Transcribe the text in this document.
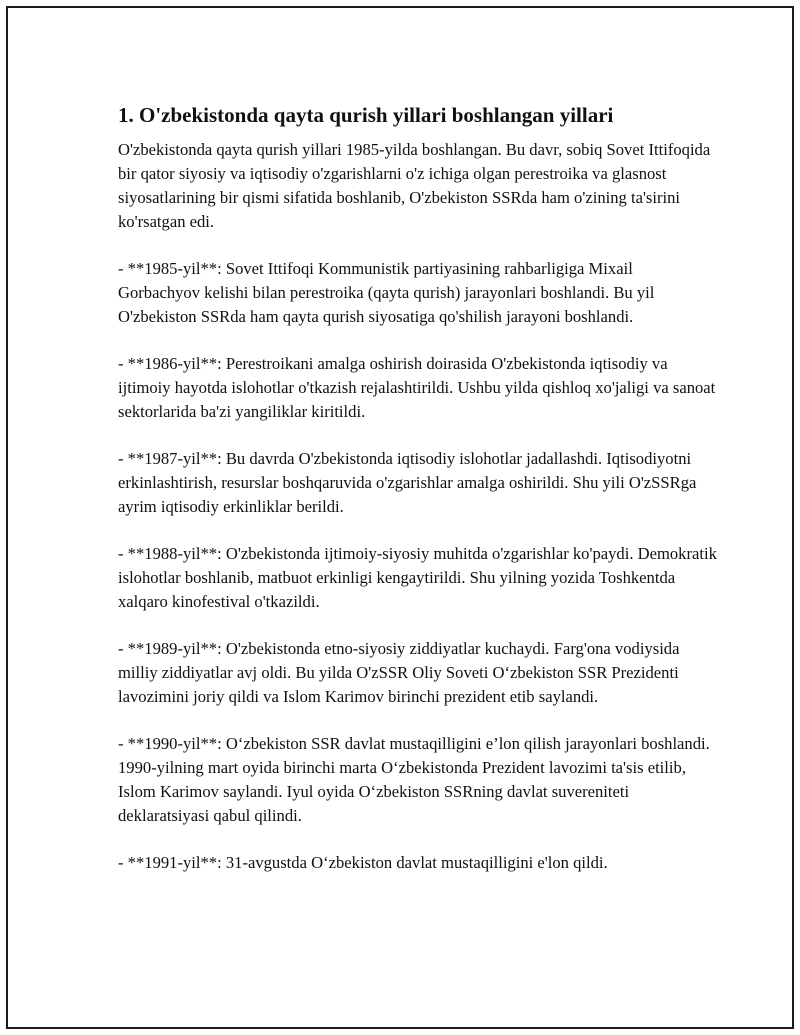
1. O'zbekistonda qayta qurish yillari boshlangan yillari

O'zbekistonda qayta qurish yillari 1985-yilda boshlangan. Bu davr, sobiq Sovet Ittifoqida bir qator siyosiy va iqtisodiy o'zgarishlarni o'z ichiga olgan perestroika va glasnost siyosatlarining bir qismi sifatida boshlanib, O'zbekiston SSRda ham o'zining ta'sirini ko'rsatgan edi.

- **1985-yil**: Sovet Ittifoqi Kommunistik partiyasining rahbarligiga Mixail Gorbachyov kelishi bilan perestroika (qayta qurish) jarayonlari boshlandi. Bu yil O'zbekiston SSRda ham qayta qurish siyosatiga qo'shilish jarayoni boshlandi.

- **1986-yil**: Perestroikani amalga oshirish doirasida O'zbekistonda iqtisodiy va ijtimoiy hayotda islohotlar o'tkazish rejalashtirildi. Ushbu yilda qishloq xo'jaligi va sanoat sektorlarida ba'zi yangiliklar kiritildi.

- **1987-yil**: Bu davrda O'zbekistonda iqtisodiy islohotlar jadallashdi. Iqtisodiyotni erkinlashtirish, resurslar boshqaruvida o'zgarishlar amalga oshirildi. Shu yili O'zSSRga ayrim iqtisodiy erkinliklar berildi.

- **1988-yil**: O'zbekistonda ijtimoiy-siyosiy muhitda o'zgarishlar ko'paydi. Demokratik islohotlar boshlanib, matbuot erkinligi kengaytirildi. Shu yilning yozida Toshkentda xalqaro kinofestival o'tkazildi.

- **1989-yil**: O'zbekistonda etno-siyosiy ziddiyatlar kuchaydi. Farg'ona vodiysida milliy ziddiyatlar avj oldi. Bu yilda O'zSSR Oliy Soveti O‘zbekiston SSR Prezidenti lavozimini joriy qildi va Islom Karimov birinchi prezident etib saylandi.

- **1990-yil**: O‘zbekiston SSR davlat mustaqilligini e’lon qilish jarayonlari boshlandi. 1990-yilning mart oyida birinchi marta O‘zbekistonda Prezident lavozimi ta'sis etilib, Islom Karimov saylandi. Iyul oyida O‘zbekiston SSRning davlat suvereniteti deklaratsiyasi qabul qilindi.

- **1991-yil**: 31-avgustda O‘zbekiston davlat mustaqilligini e'lon qildi.
